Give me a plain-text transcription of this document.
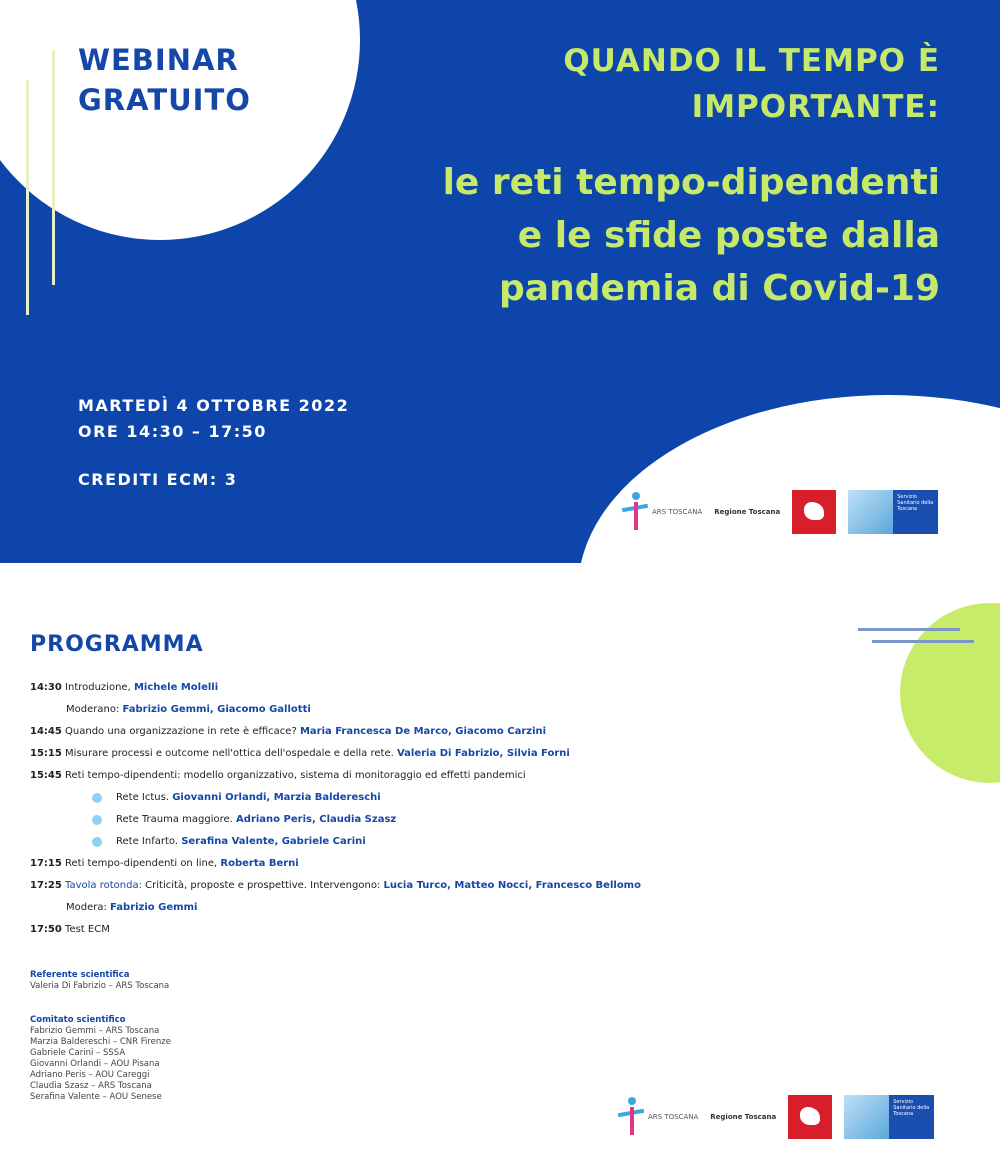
WEBINAR
GRATUITO
QUANDO IL TEMPO È
IMPORTANTE:
le reti tempo-dipendenti
e le sfide poste dalla
pandemia di Covid-19
MARTEDÌ 4 OTTOBRE 2022
ORE 14:30 – 17:50
CREDITI ECM: 3
ARS TOSCANA Regione Toscana
Servizio Sanitario della Toscana
PROGRAMMA
14:30 Introduzione, Michele Molelli
Moderano: Fabrizio Gemmi, Giacomo Gallotti
14:45 Quando una organizzazione in rete è efficace? Maria Francesca De Marco, Giacomo Carzini
15:15 Misurare processi e outcome nell'ottica dell'ospedale e della rete. Valeria Di Fabrizio, Silvia Forni
15:45 Reti tempo-dipendenti: modello organizzativo, sistema di monitoraggio ed effetti pandemici
Rete Ictus. Giovanni Orlandi, Marzia Baldereschi
Rete Trauma maggiore. Adriano Peris, Claudia Szasz
Rete Infarto. Serafina Valente, Gabriele Carini
17:15 Reti tempo-dipendenti on line, Roberta Berni
17:25 Tavola rotonda: Criticità, proposte e prospettive. Intervengono: Lucia Turco, Matteo Nocci, Francesco Bellomo
Modera: Fabrizio Gemmi
17:50 Test ECM
Referente scientifica
Valeria Di Fabrizio – ARS Toscana
Comitato scientifico
Fabrizio Gemmi – ARS Toscana
Marzia Baldereschi – CNR Firenze
Gabriele Carini – SSSA
Giovanni Orlandi – AOU Pisana
Adriano Peris – AOU Careggi
Claudia Szasz – ARS Toscana
Serafina Valente – AOU Senese
ARS TOSCANA Regione Toscana
Servizio Sanitario della Toscana
